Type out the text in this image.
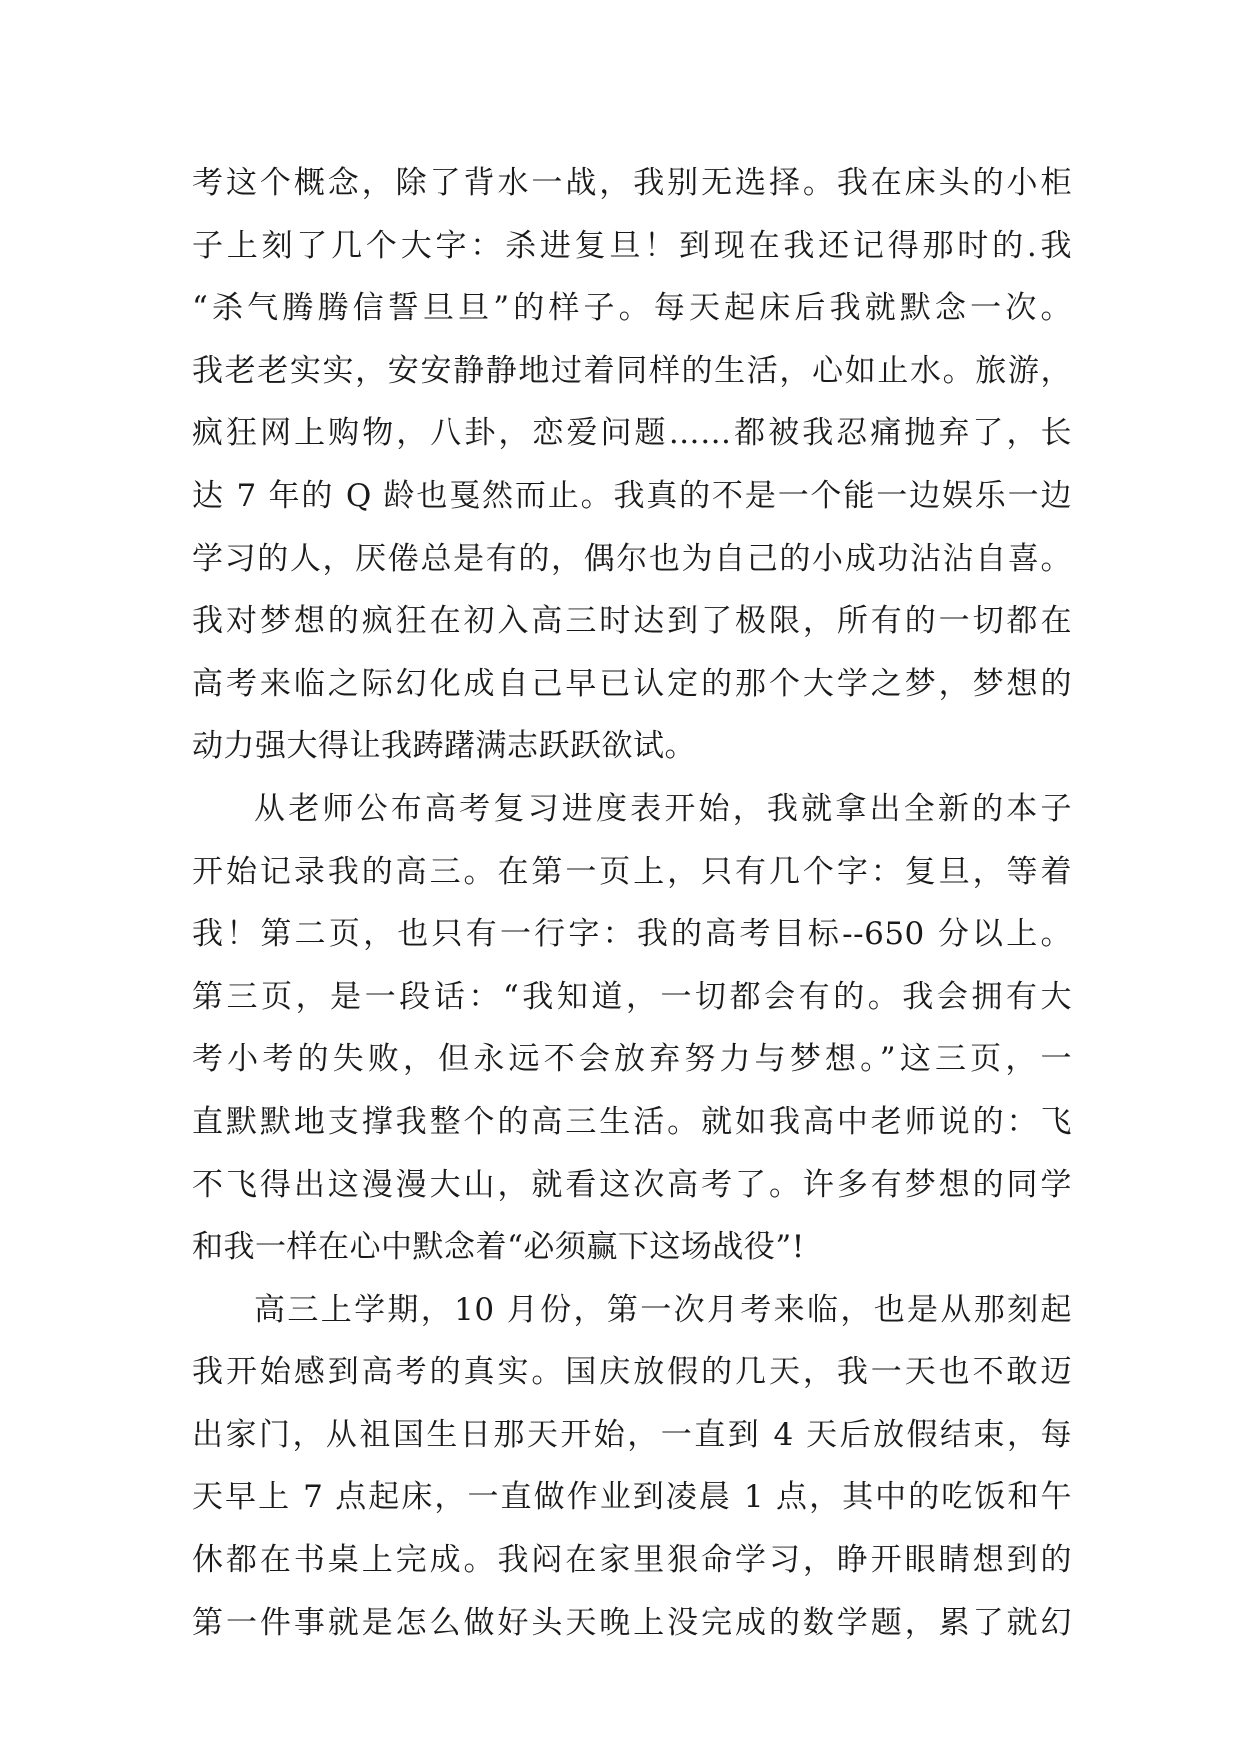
考这个概念，除了背水一战，我别无选择。我在床头的小柜
子上刻了几个大字：杀进复旦！到现在我还记得那时的.我
“杀气腾腾信誓旦旦”的样子。每天起床后我就默念一次。
我老老实实，安安静静地过着同样的生活，心如止水。旅游，
疯狂网上购物，八卦，恋爱问题……都被我忍痛抛弃了，长
达 7 年的 Q 龄也戛然而止。我真的不是一个能一边娱乐一边
学习的人，厌倦总是有的，偶尔也为自己的小成功沾沾自喜。
我对梦想的疯狂在初入高三时达到了极限，所有的一切都在
高考来临之际幻化成自己早已认定的那个大学之梦，梦想的
动力强大得让我踌躇满志跃跃欲试。
从老师公布高考复习进度表开始，我就拿出全新的本子
开始记录我的高三。在第一页上，只有几个字：复旦，等着
我！第二页，也只有一行字：我的高考目标--650 分以上。
第三页，是一段话：“我知道，一切都会有的。我会拥有大
考小考的失败，但永远不会放弃努力与梦想。”这三页，一
直默默地支撑我整个的高三生活。就如我高中老师说的：飞
不飞得出这漫漫大山，就看这次高考了。许多有梦想的同学
和我一样在心中默念着“必须赢下这场战役”!
高三上学期，10 月份，第一次月考来临，也是从那刻起
我开始感到高考的真实。国庆放假的几天，我一天也不敢迈
出家门，从祖国生日那天开始，一直到 4 天后放假结束，每
天早上 7 点起床，一直做作业到凌晨 1 点，其中的吃饭和午
休都在书桌上完成。我闷在家里狠命学习，睁开眼睛想到的
第一件事就是怎么做好头天晚上没完成的数学题，累了就幻
